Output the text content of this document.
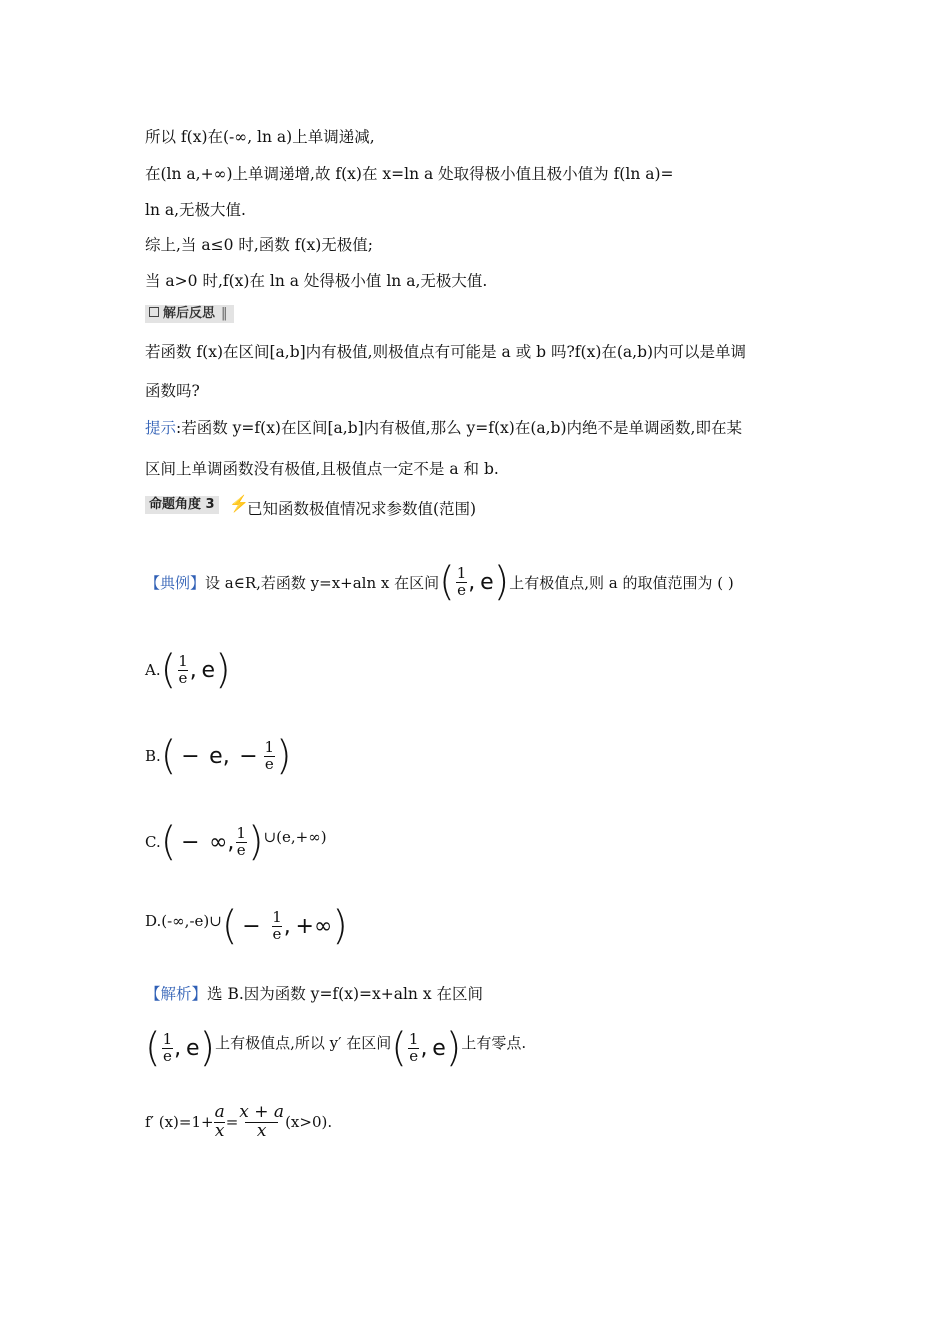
所以 f(x)在(-∞, ln a)上单调递减,
在(ln a,+∞)上单调递增,故 f(x)在 x=ln a 处取得极小值且极小值为 f(ln a)=
ln a,无极大值.
综上,当 a≤0 时,函数 f(x)无极值;
当 a>0 时,f(x)在 ln a 处得极小值 ln a,无极大值.
解后反思 ‖
若函数 f(x)在区间[a,b]内有极值,则极值点有可能是 a 或 b 吗?f(x)在(a,b)内可以是单调
函数吗?
提示:若函数 y=f(x)在区间[a,b]内有极值,那么 y=f(x)在(a,b)内绝不是单调函数,即在某
区间上单调函数没有极值,且极值点一定不是 a 和 b.
命题角度 3 ⚡
已知函数极值情况求参数值(范围)
【典例】 设 a∈R,若函数 y=x+aln x 在区间 ( $\frac{1}{e}$ ,
e ) 上有极值点,则 a 的取值范围为 ( )
A. ( $\frac{1}{e}$ ,
e )
B. (
−
e ,
−
$\frac{1}{e}$ )
C. (
−
∞ , $\frac{1}{e}$ ) ∪(e,+∞)
D. (-∞,-e)∪ (
−
$\frac{1}{e}$ ,
+∞ )
【解析】选 B.因为函数 y=f(x)=x+aln x 在区间
( $\frac{1}{e}$ ,
e ) 上有极值点,所以 y′ 在区间 ( $\frac{1}{e}$ ,
e ) 上有零点.
f′ $(x)=1+ \frac{a}{x} = \frac{x + a}{x} (x>0)$.
